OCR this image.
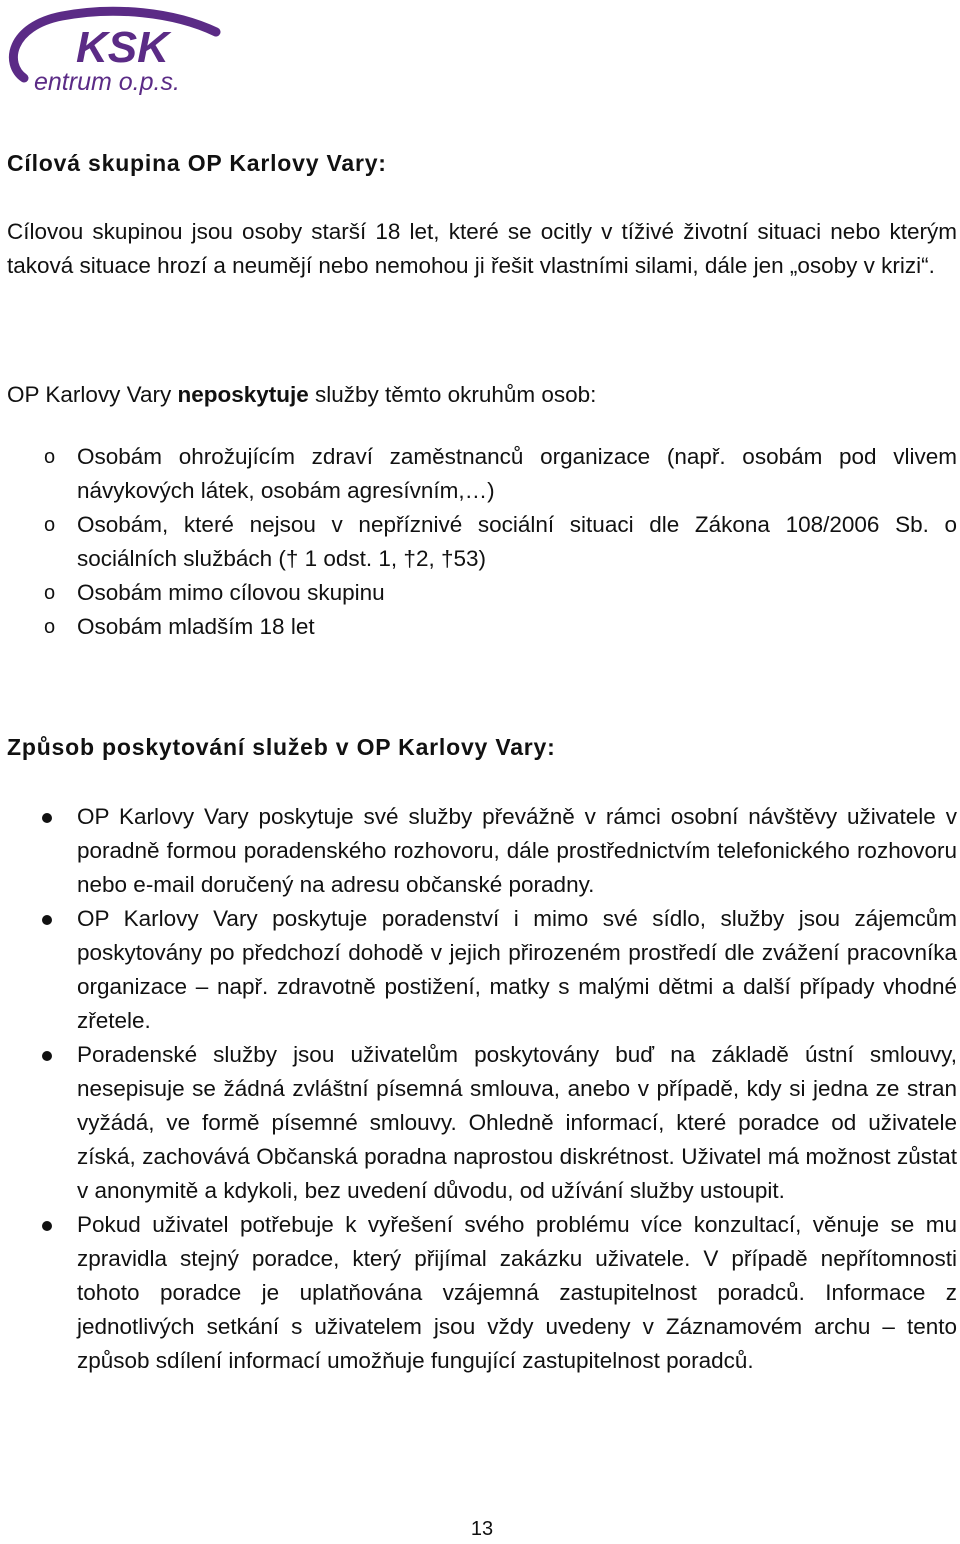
KSK
entrum o.p.s.
Cílová skupina OP Karlovy Vary:

Cílovou skupinou jsou osoby starší 18 let, které se ocitly v tíživé životní situaci nebo kterým taková situace hrozí a neumějí nebo nemohou ji řešit vlastními silami, dále jen „osoby v krizi“.

OP Karlovy Vary neposkytuje služby těmto okruhům osob:

o Osobám ohrožujícím zdraví zaměstnanců organizace (např. osobám pod vlivem návykových látek, osobám agresívním,…)
o Osobám, které nejsou v nepříznivé sociální situaci dle Zákona 108/2006 Sb. o sociálních službách († 1 odst. 1, †2, †53)
o Osobám mimo cílovou skupinu
o Osobám mladším 18 let
Způsob poskytování služeb v OP Karlovy Vary:
OP Karlovy Vary poskytuje své služby převážně v rámci osobní návštěvy uživatele v poradně formou poradenského rozhovoru, dále prostřednictvím telefonického rozhovoru nebo e-mail doručený na adresu občanské poradny.
OP Karlovy Vary poskytuje poradenství i mimo své sídlo, služby jsou zájemcům poskytovány po předchozí dohodě v jejich přirozeném prostředí dle zvážení pracovníka organizace – např. zdravotně postižení, matky s malými dětmi a další případy vhodné zřetele.
Poradenské služby jsou uživatelům poskytovány buď na základě ústní smlouvy, nesepisuje se žádná zvláštní písemná smlouva, anebo v případě, kdy si jedna ze stran vyžádá, ve formě písemné smlouvy. Ohledně informací, které poradce od uživatele získá, zachovává Občanská poradna naprostou diskrétnost. Uživatel má možnost zůstat v anonymitě a kdykoli, bez uvedení důvodu, od užívání služby ustoupit.
Pokud uživatel potřebuje k vyřešení svého problému více konzultací, věnuje se mu zpravidla stejný poradce, který přijímal zakázku uživatele. V případě nepřítomnosti tohoto poradce je uplatňována vzájemná zastupitelnost poradců. Informace z jednotlivých setkání s uživatelem jsou vždy uvedeny v Záznamovém archu – tento způsob sdílení informací umožňuje fungující zastupitelnost poradců.
13
